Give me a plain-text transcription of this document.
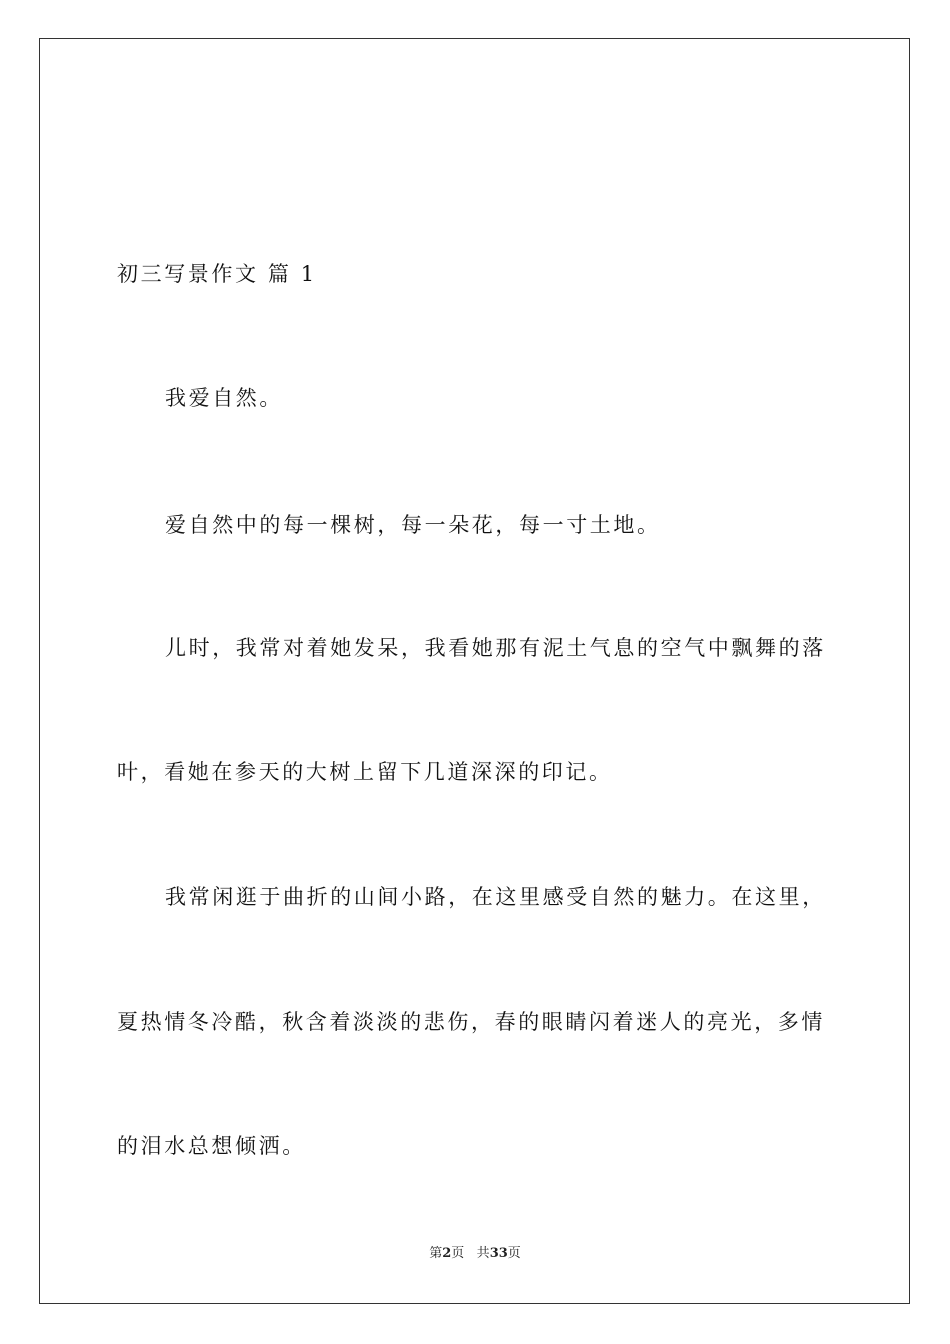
初三写景作文 篇 1
我爱自然。
爱自然中的每一棵树，每一朵花，每一寸土地。
儿时，我常对着她发呆，我看她那有泥土气息的空气中飘舞的落
叶，看她在参天的大树上留下几道深深的印记。
我常闲逛于曲折的山间小路，在这里感受自然的魅力。在这里，
夏热情冬冷酷，秋含着淡淡的悲伤，春的眼睛闪着迷人的亮光，多情
的泪水总想倾洒。
第2页 共33页
